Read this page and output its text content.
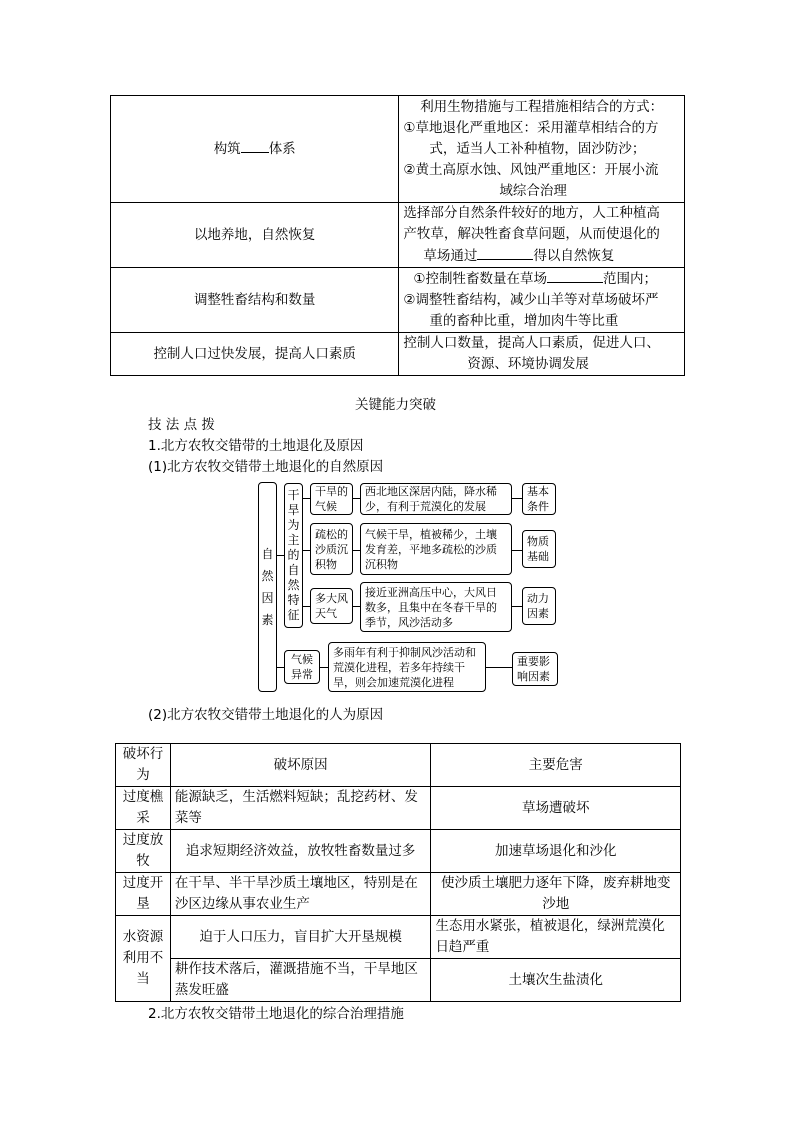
构筑 体系	利用生物措施与工程措施相结合的方式：
①草地退化严重地区：采用灌草相结合的方
式，适当人工补种植物，固沙防沙；
②黄土高原水蚀、风蚀严重地区：开展小流
域综合治理

以地养地，自然恢复	选择部分自然条件较好的地方，人工种植高
产牧草，解决牲畜食草问题，从而使退化的
草场通过 得以自然恢复

调整牲畜结构和数量	①控制牲畜数量在草场 范围内；
②调整牲畜结构，减少山羊等对草场破坏严
重的畜种比重，增加肉牛等比重

控制人口过快发展，提高人口素质	控制人口数量，提高人口素质，促进人口、
资源、环境协调发展
关键能力突破
技 法 点 拨
1.北方农牧交错带的土地退化及原因
(1)北方农牧交错带土地退化的自然原因
自
然
因
素
干
旱
为
主
的
自
然
特
征
干旱的气候
西北地区深居内陆，降水稀少，有利于荒漠化的发展
基本条件
疏松的沙质沉积物
气候干旱，植被稀少，土壤发育差，平地多疏松的沙质沉积物
物质基础
多大风天气
接近亚洲高压中心，大风日数多，且集中在冬春干旱的季节，风沙活动多
动力因素
气候异常
多雨年有利于抑制风沙活动和荒漠化进程，若多年持续干旱，则会加速荒漠化进程
重要影响因素
(2)北方农牧交错带土地退化的人为原因
破坏行为	破坏原因	主要危害
过度樵采	能源缺乏，生活燃料短缺；乱挖药材、发菜等	草场遭破坏
过度放牧	追求短期经济效益，放牧牲畜数量过多	加速草场退化和沙化
过度开垦	在干旱、半干旱沙质土壤地区，特别是在沙区边缘从事农业生产	使沙质土壤肥力逐年下降，废弃耕地变沙地
水资源利用不当	迫于人口压力，盲目扩大开垦规模	生态用水紧张，植被退化，绿洲荒漠化日趋严重
	耕作技术落后，灌溉措施不当，干旱地区蒸发旺盛	土壤次生盐渍化
2.北方农牧交错带土地退化的综合治理措施
